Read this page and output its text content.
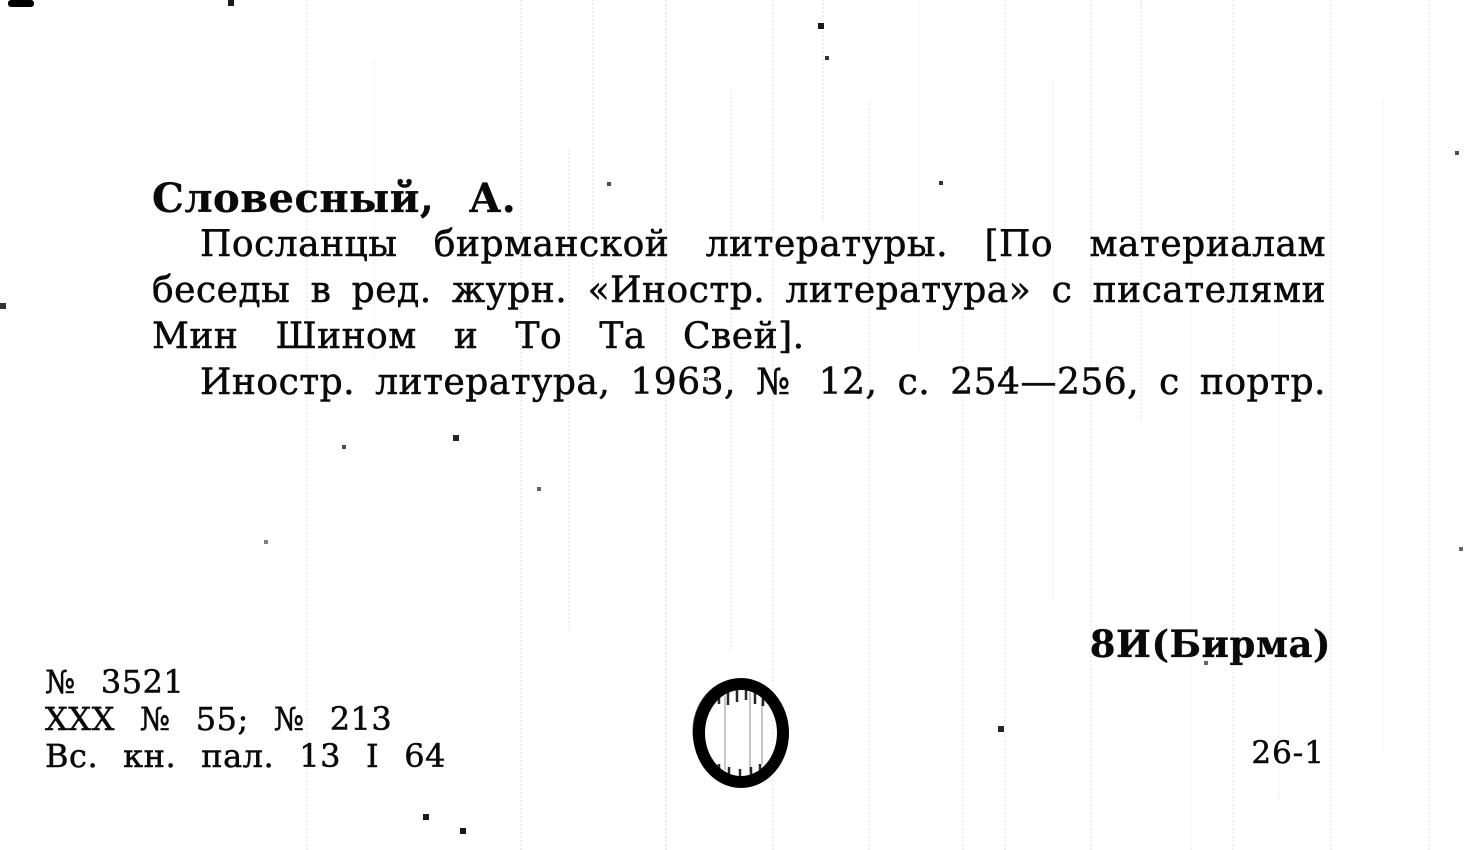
Словесный, А.
Посланцы бирманской литературы. [По материалам
беседы в ред. журн. «Иностр. литература» с писателями
Мин Шином и То Та Свей].
Иностр. литература, 1963, № 12, с. 254—256, с портр.
8И(Бирма)
№ 3521
XXX № 55; № 213
Вс. кн. пал. 13 I 64	26-1
